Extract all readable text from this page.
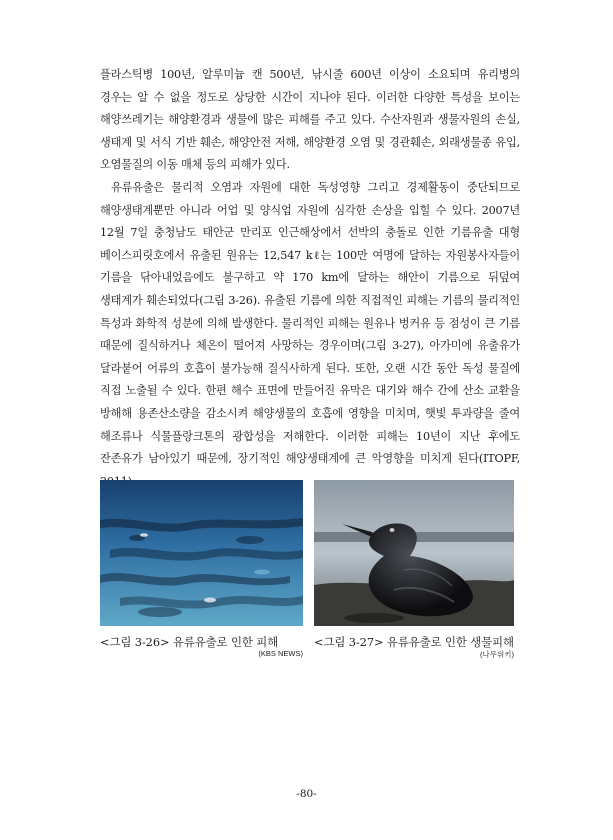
플라스틱병 100년, 알루미늄 캔 500년, 낚시줄 600년 이상이 소요되며 유리병의 경우는 알 수 없을 정도로 상당한 시간이 지나야 된다. 이러한 다양한 특성을 보이는 해양쓰레기는 해양환경과 생물에 많은 피해를 주고 있다. 수산자원과 생물자원의 손실, 생태계 및 서식 기반 훼손, 해양안전 저해, 해양환경 오염 및 경관훼손, 외래생물종 유입, 오염물질의 이동 매체 등의 피해가 있다.

유류유출은 물리적 오염과 자원에 대한 독성영향 그리고 경제활동이 중단되므로 해양생태계뿐만 아니라 어업 및 양식업 자원에 심각한 손상을 입힐 수 있다. 2007년 12월 7일 충청남도 태안군 만리포 인근해상에서 선박의 충돌로 인한 기름유출 대형 베이스피릿호에서 유출된 원유는 12,547 kℓ는 100만 여명에 달하는 자원봉사자들이 기름을 닦아내었음에도 불구하고 약 170 km에 달하는 해안이 기름으로 뒤덮여 생태계가 훼손되었다(그림 3-26). 유출된 기름에 의한 직접적인 피해는 기름의 물리적인 특성과 화학적 성분에 의해 발생한다. 물리적인 피해는 원유나 벙커유 등 점성이 큰 기름 때문에 질식하거나 체온이 떨어져 사망하는 경우이며(그림 3-27), 아가미에 유출유가 달라붙어 어류의 호흡이 불가능해 질식사하게 된다. 또한, 오랜 시간 동안 독성 물질에 직접 노출될 수 있다. 한편 해수 표면에 만들어진 유막은 대기와 해수 간에 산소 교환을 방해해 용존산소량을 감소시켜 해양생물의 호흡에 영향을 미치며, 햇빛 투과량을 줄여 해조류나 식물플랑크톤의 광합성을 저해한다. 이러한 피해는 10년이 지난 후에도 잔존유가 남아있기 때문에, 장기적인 해양생태계에 큰 악영향을 미치게 된다(ITOPF,

<그림 3-26> 유류유출로 인한 피해
(KBS NEWS)
<그림 3-27> 유류유출로 인한 생물피해
(나무위키)
-80-
